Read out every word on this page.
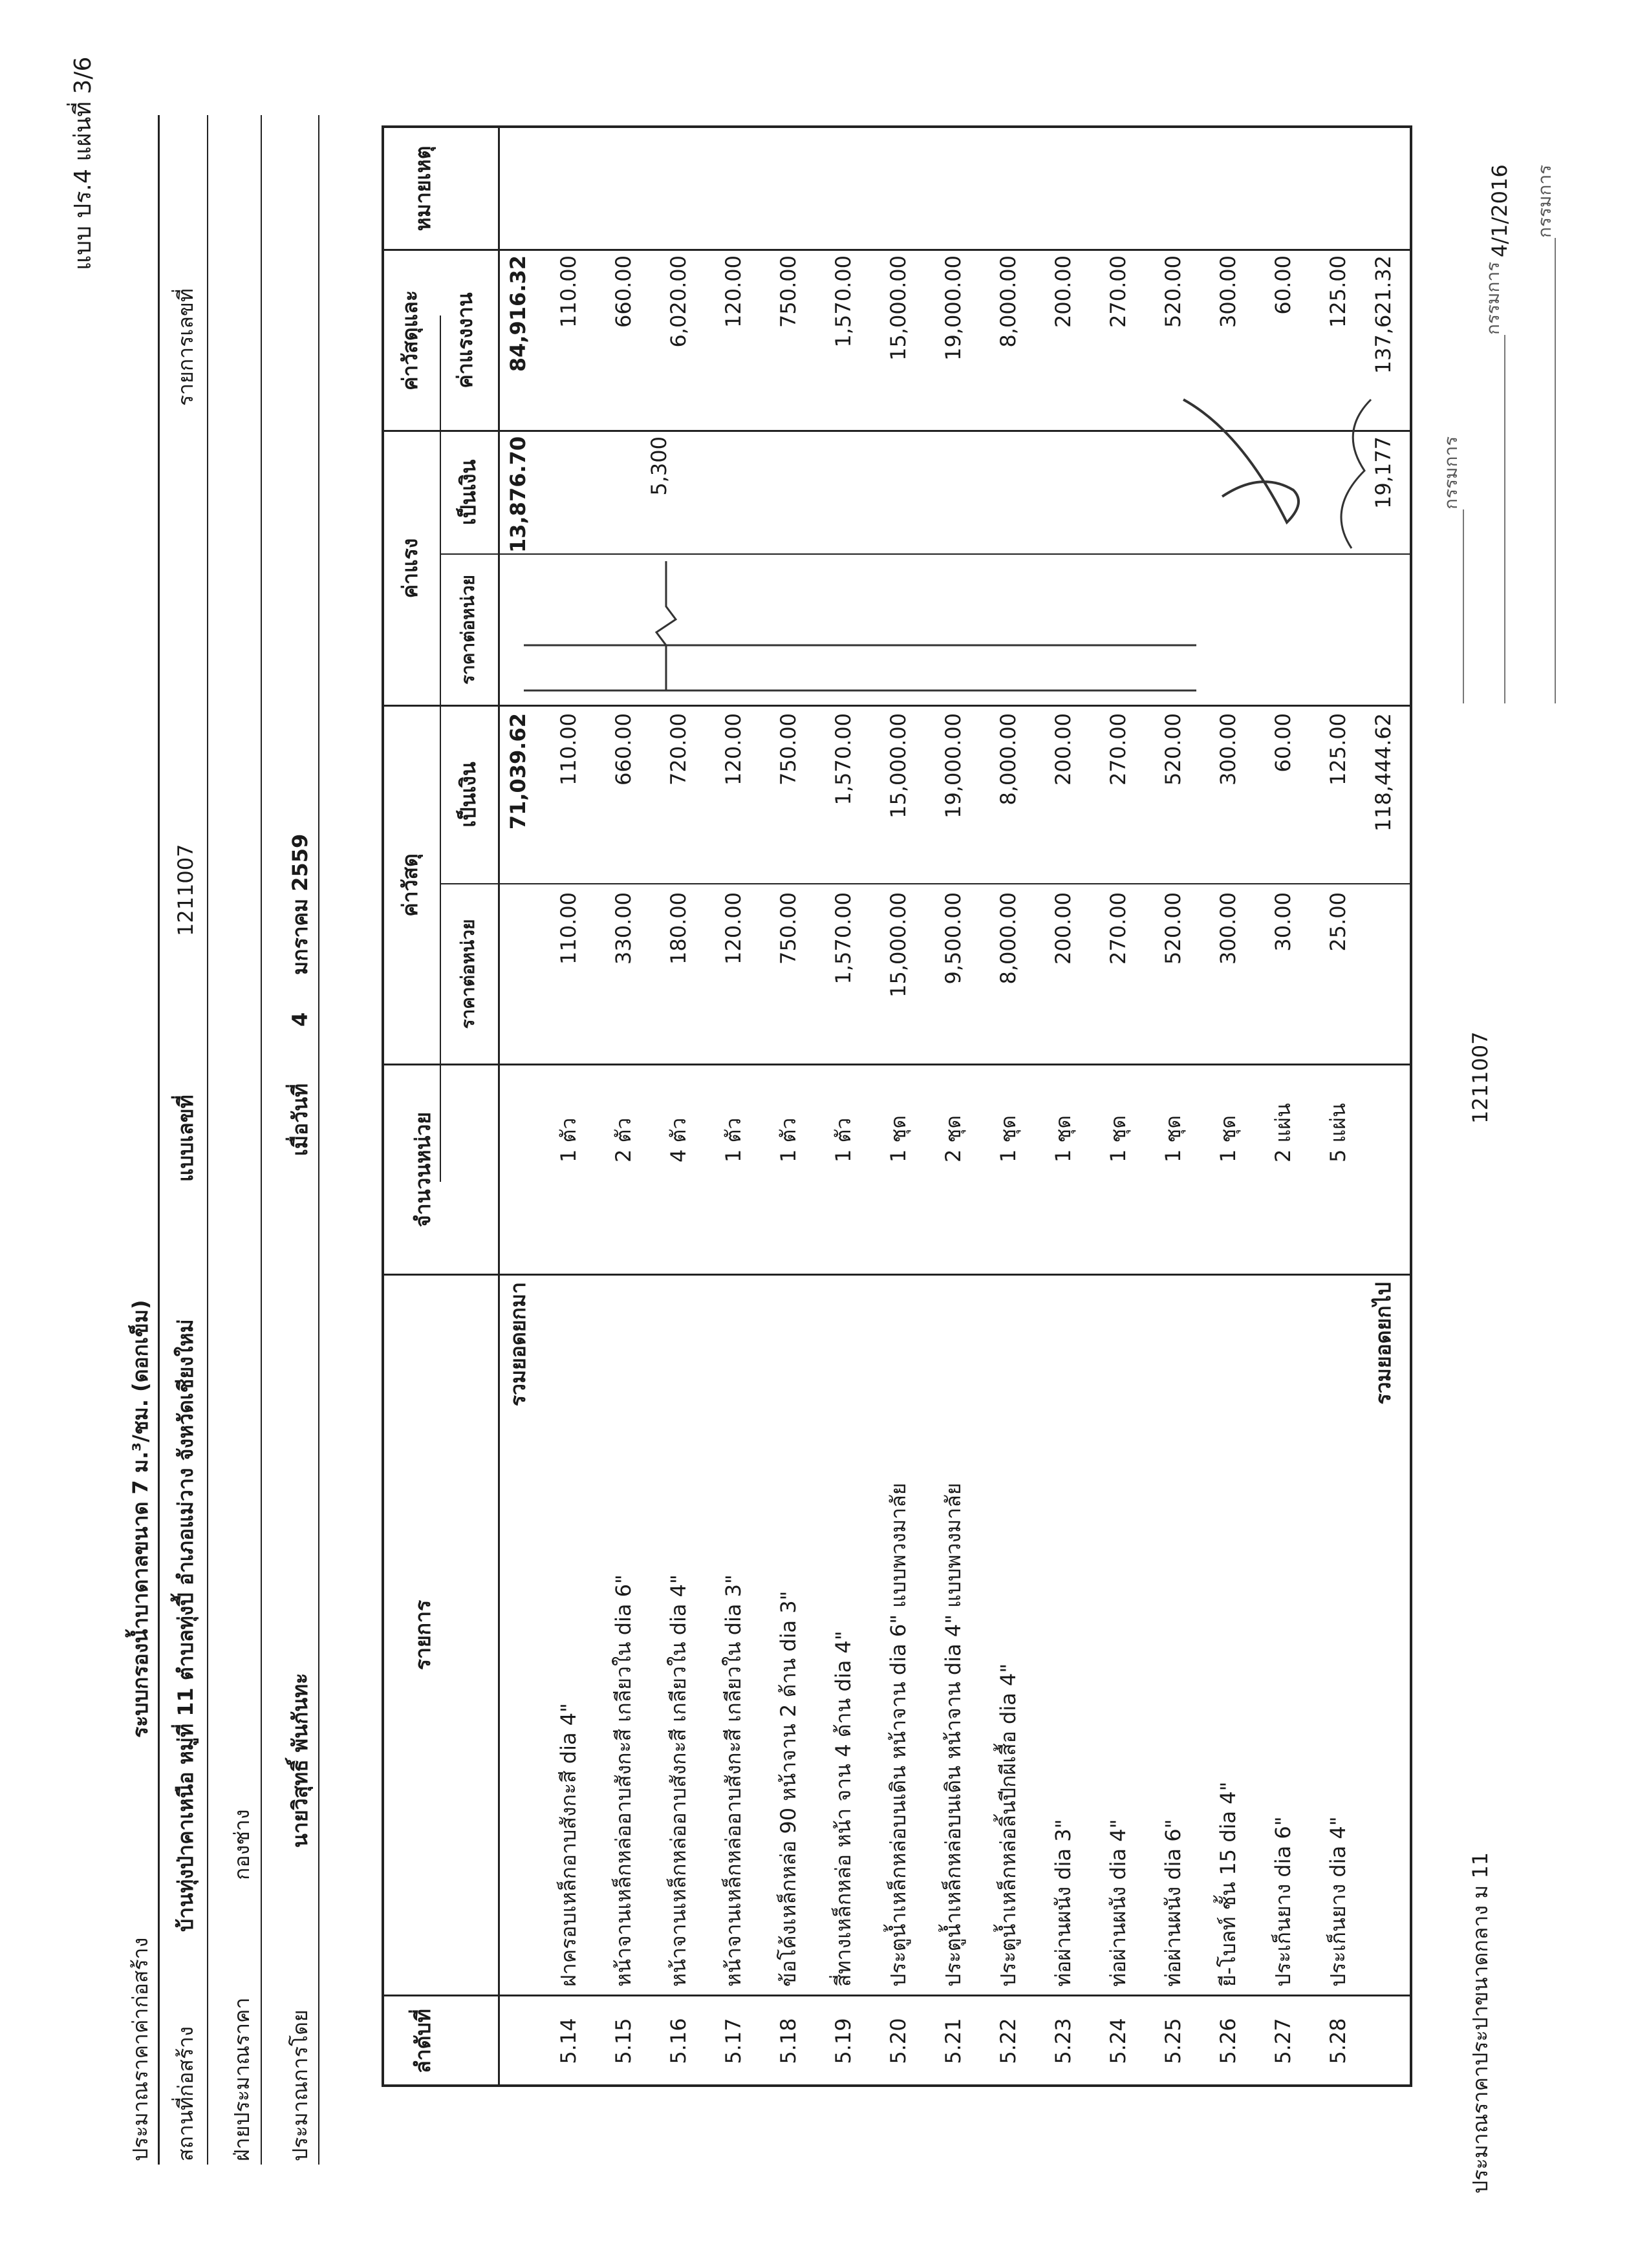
แบบ ปร.4 แผ่นที่ 3/6
ประมาณราคาค่าก่อสร้าง
ระบบกรองน้ำบาดาลขนาด 7 ม.³/ชม. (ดอกเข็ม)
สถานที่ก่อสร้าง
บ้านทุ่งป่าคาเหนือ หมู่ที่ 11 ตำบลทุ่งปี้ อำเภอแม่วาง จังหวัดเชียงใหม่
แบบเลขที่
1211007
รายการเลขที่
ฝ่ายประมาณราคา
กองช่าง
ประมาณการโดย
นายวิสุทธิ์ พันกันทะ
เมื่อวันที่
4
มกราคม 2559
ลำดับที่
รายการ
จำนวนหน่วย
ค่าวัสดุ
ค่าแรง
ค่าวัสดุและ ค่าแรงงาน
หมายเหตุ
ราคาต่อหน่วย
เป็นเงิน
ราคาต่อหน่วย
เป็นเงิน
รวมยอดยกมา
71,039.62
13,876.70
84,916.32
5.14
ฝาครอบเหล็กอาบสังกะสี dia 4"
1 ตัว
110.00
110.00
110.00
5.15
หน้าจานเหล็กหล่ออาบสังกะสี เกลียวใน dia 6"
2 ตัว
330.00
660.00
660.00
5.16
หน้าจานเหล็กหล่ออาบสังกะสี เกลียวใน dia 4"
4 ตัว
180.00
720.00
5,300
6,020.00
5.17
หน้าจานเหล็กหล่ออาบสังกะสี เกลียวใน dia 3"
1 ตัว
120.00
120.00
120.00
5.18
ข้อโค้งเหล็กหล่อ 90 หน้าจาน 2 ด้าน dia 3"
1 ตัว
750.00
750.00
750.00
5.19
สี่ทางเหล็กหล่อ หน้า จาน 4 ด้าน dia 4"
1 ตัว
1,570.00
1,570.00
1,570.00
5.20
ประตูน้ำเหล็กหล่อบนเดิน หน้าจาน dia 6" แบบพวงมาลัย
1 ชุด
15,000.00
15,000.00
15,000.00
5.21
ประตูน้ำเหล็กหล่อบนเดิน หน้าจาน dia 4" แบบพวงมาลัย
2 ชุด
9,500.00
19,000.00
19,000.00
5.22
ประตูน้ำเหล็กหล่อลิ้นปีกผีเสื้อ dia 4"
1 ชุด
8,000.00
8,000.00
8,000.00
5.23
ท่อผ่านผนัง dia 3"
1 ชุด
200.00
200.00
200.00
5.24
ท่อผ่านผนัง dia 4"
1 ชุด
270.00
270.00
270.00
5.25
ท่อผ่านผนัง dia 6"
1 ชุด
520.00
520.00
520.00
5.26
ยี-โบลท์ ชั้น 15 dia 4"
1 ชุด
300.00
300.00
300.00
5.27
ประเก็นยาง dia 6"
2 แผ่น
30.00
60.00
60.00
5.28
ประเก็นยาง dia 4"
5 แผ่น
25.00
125.00
125.00
รวมยอดยกไป
118,444.62
19,177
137,621.32
ประมาณราคาประปาขนาดกลาง ม 11
1211007
4/1/2016
กรรมการ
กรรมการ
กรรมการ
